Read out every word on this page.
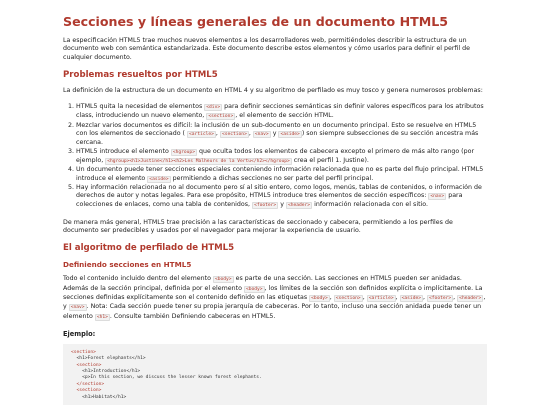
Secciones y líneas generales de un documento HTML5

La especificación HTML5 trae muchos nuevos elementos a los desarrolladores web, permitiéndoles describir la estructura de un documento web con semántica estandarizada. Este documento describe estos elementos y cómo usarlos para definir el perfil de cualquier documento.

Problemas resueltos por HTML5

La definición de la estructura de un documento en HTML 4 y su algoritmo de perfilado es muy tosco y genera numerosos problemas:

1. HTML5 quita la necesidad de elementos <div> para definir secciones semánticas sin definir valores específicos para los atributos class, introduciendo un nuevo elemento, <section> , el elemento de sección HTML.
2. Mezclar varios documentos es difícil: la inclusión de un sub-documento en un documento principal. Esto se resuelve en HTML5 con los elementos de seccionado ( <article> , <section> , <nav> y <aside> ) son siempre subsecciones de su sección ancestra más cercana.
3. HTML5 introduce el elemento <hgroup> que oculta todos los elementos de cabecera excepto el primero de más alto rango (por ejemplo, <hgroup><h1>Justine</h1><h2>Les Malheurs de la Vertu</h2></hgroup> crea el perfil 1. Justine).
4. Un documento puede tener secciones especiales conteniendo información relacionada que no es parte del flujo principal. HTML5 introduce el elemento <aside> permitiendo a dichas secciones no ser parte del perfil principal.
5. Hay información relacionada no al documento pero sí al sitio entero, como logos, menús, tablas de contenidos, o información de derechos de autor y notas legales. Para ese propósito, HTML5 introduce tres elementos de sección específicos: <nav> para colecciones de enlaces, como una tabla de contenidos, <footer> y <header> información relacionada con el sitio.

De manera más general, HTML5 trae precisión a las características de seccionado y cabecera, permitiendo a los perfiles de documento ser predecibles y usados por el navegador para mejorar la experiencia de usuario.

El algoritmo de perfilado de HTML5
Definiendo secciones en HTML5

Todo el contenido incluido dentro del elemento <body> es parte de una sección. Las secciones en HTML5 pueden ser anidadas. Además de la sección principal, definida por el elemento <body> , los límites de la sección son definidos explícita o implícitamente. La secciones definidas explícitamente son el contenido definido en las etiquetas <body> , <section> , <article> , <aside> , <footer> , <header> , y <nav> . Nota: Cada sección puede tener su propia jerarquía de cabeceras. Por lo tanto, incluso una sección anidada puede tener un elemento <h1> . Consulte también Definiendo cabeceras en HTML5.

Ejemplo:
<section>
<h1>Forest elephants</h1>
<section>
<h1>Introduction</h1>
<p>In this section, we discuss the lesser known forest elephants.
</section>
<section>
<h1>Habitat</h1>
